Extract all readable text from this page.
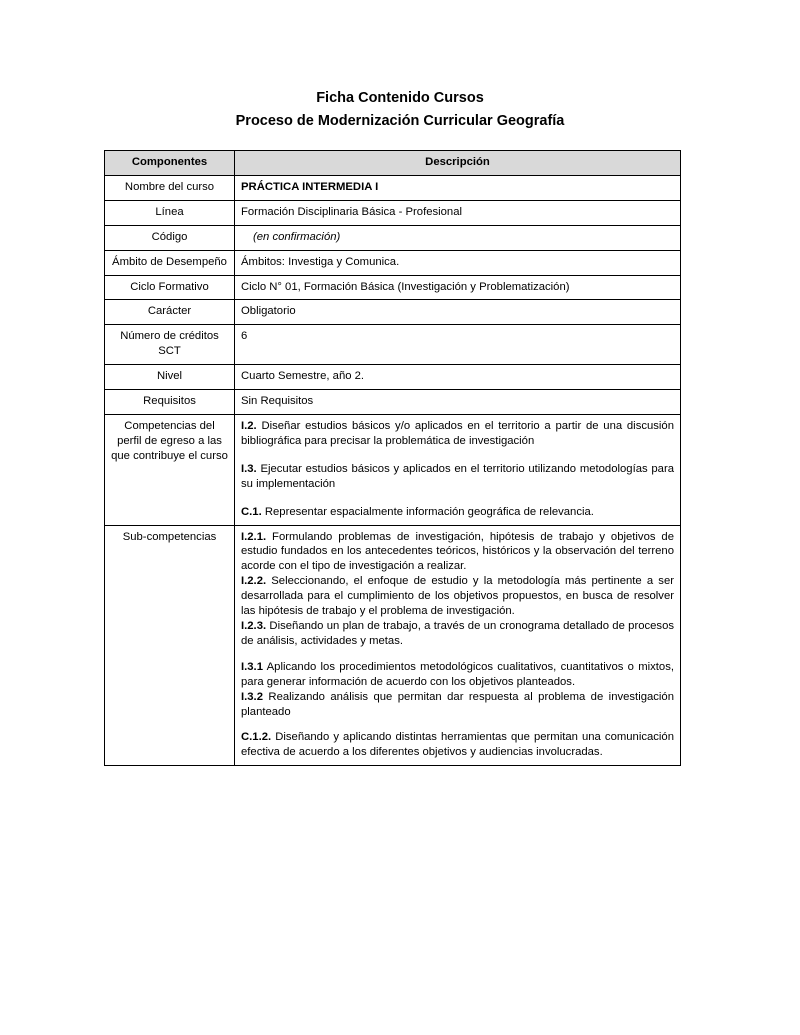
Ficha Contenido Cursos
Proceso de Modernización Curricular Geografía
Componentes	Descripción
Nombre del curso	PRÁCTICA INTERMEDIA I
Línea	Formación Disciplinaria Básica - Profesional
Código	(en confirmación)
Ámbito de Desempeño	Ámbitos: Investiga y Comunica.
Ciclo Formativo	Ciclo N° 01, Formación Básica (Investigación y Problematización)
Carácter	Obligatorio
Número de créditos SCT	6
Nivel	Cuarto Semestre, año 2.
Requisitos	Sin Requisitos
Competencias del perfil de egreso a las que contribuye el curso	I.2. Diseñar estudios básicos y/o aplicados en el territorio a partir de una discusión bibliográfica para precisar la problemática de investigación

I.3. Ejecutar estudios básicos y aplicados en el territorio utilizando metodologías para su implementación

C.1. Representar espacialmente información geográfica de relevancia.

Sub-competencias	I.2.1. Formulando problemas de investigación, hipótesis de trabajo y objetivos de estudio fundados en los antecedentes teóricos, históricos y la observación del terreno acorde con el tipo de investigación a realizar.

I.2.2. Seleccionando, el enfoque de estudio y la metodología más pertinente a ser desarrollada para el cumplimiento de los objetivos propuestos, en busca de resolver las hipótesis de trabajo y el problema de investigación.

I.2.3. Diseñando un plan de trabajo, a través de un cronograma detallado de procesos de análisis, actividades y metas.

I.3.1 Aplicando los procedimientos metodológicos cualitativos, cuantitativos o mixtos, para generar información de acuerdo con los objetivos planteados.

I.3.2 Realizando análisis que permitan dar respuesta al problema de investigación planteado

C.1.2. Diseñando y aplicando distintas herramientas que permitan una comunicación efectiva de acuerdo a los diferentes objetivos y audiencias involucradas.
